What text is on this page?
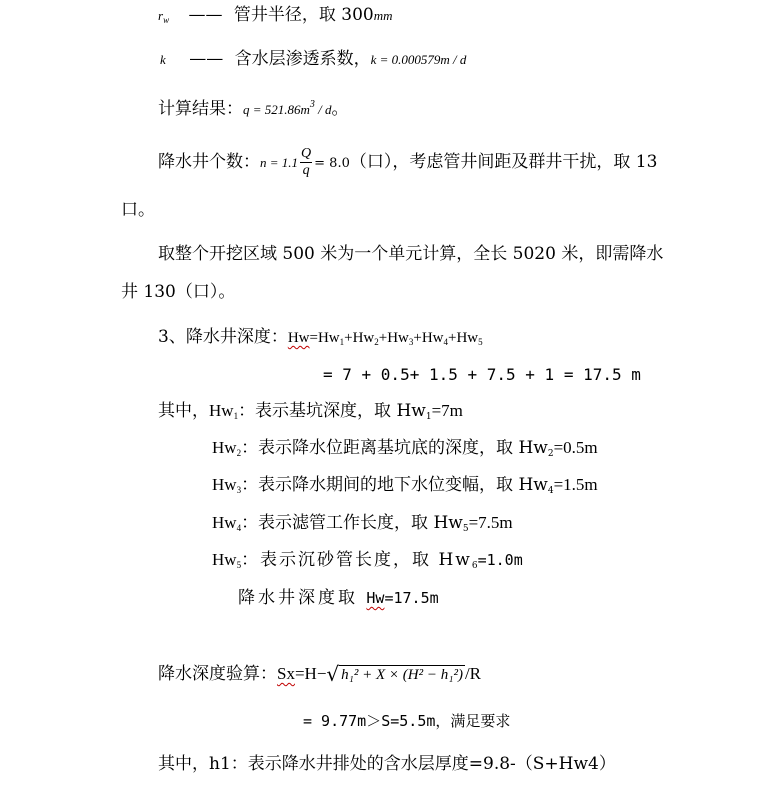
$r_w$ —— 管井半径，取 300mm
k —— 含水层渗透系数，k = 0.000579m / d
计算结果：$q = 521.86m^3 / d$。
降水井个数：$n = 1.1 \frac{Q}{q} = 8.0$（口），考虑管井间距及群井干扰，取 13
口。
取整个开挖区域 500 米为一个单元计算，全长 5020 米，即需降水
井 130（口）。
3、降水井深度：$Hw=Hw_1+Hw_2+Hw_3+Hw_4+Hw_5$
= 7 + 0.5+ 1.5 + 7.5 + 1 = 17.5 m
其中，$Hw_1$：表示基坑深度，取 $Hw_1=7m$
$Hw_2$：表示降水位距离基坑底的深度，取 $Hw_2=0.5m$
$Hw_3$：表示降水期间的地下水位变幅，取 $Hw_4=1.5m$
$Hw_4$：表示滤管工作长度，取 $Hw_5=7.5m$
$Hw_5$：表示沉砂管长度，取 $Hw_6=1.0m$
降水井深度取 Hw=17.5m
降水深度验算：Sx=H−√ h₁² + X × (H² − h₁²) /R
= 9.77m＞S=5.5m，满足要求
其中，h1：表示降水井排处的含水层厚度=9.8-（S+Hw4）
